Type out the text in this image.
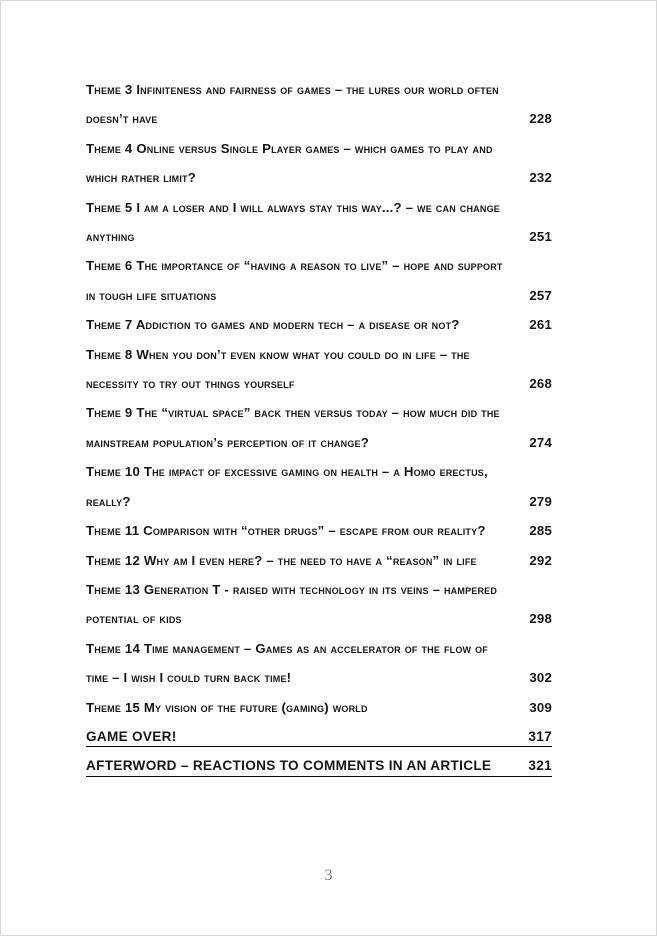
Theme 3 Infiniteness and fairness of games – the lures our world often
doesn’t have	228
Theme 4 Online versus Single Player games – which games to play and
which rather limit?	232
Theme 5 I am a loser and I will always stay this way...? – we can change
anything	251
Theme 6 The importance of “having a reason to live” – hope and support
in tough life situations	257
Theme 7 Addiction to games and modern tech – a disease or not?	261
Theme 8 When you don’t even know what you could do in life – the
necessity to try out things yourself	268
Theme 9 The “virtual space” back then versus today – how much did the
mainstream population’s perception of it change?	274
Theme 10 The impact of excessive gaming on health – a Homo erectus,
really?	279
Theme 11 Comparison with “other drugs” – escape from our reality?	285
Theme 12 Why am I even here? – the need to have a “reason” in life	292
Theme 13 Generation T - raised with technology in its veins – hampered
potential of kids	298
Theme 14 Time management – Games as an accelerator of the flow of
time – I wish I could turn back time!	302
Theme 15 My vision of the future (gaming) world	309
GAME OVER!	317
AFTERWORD – REACTIONS TO COMMENTS IN AN ARTICLE	321
3
